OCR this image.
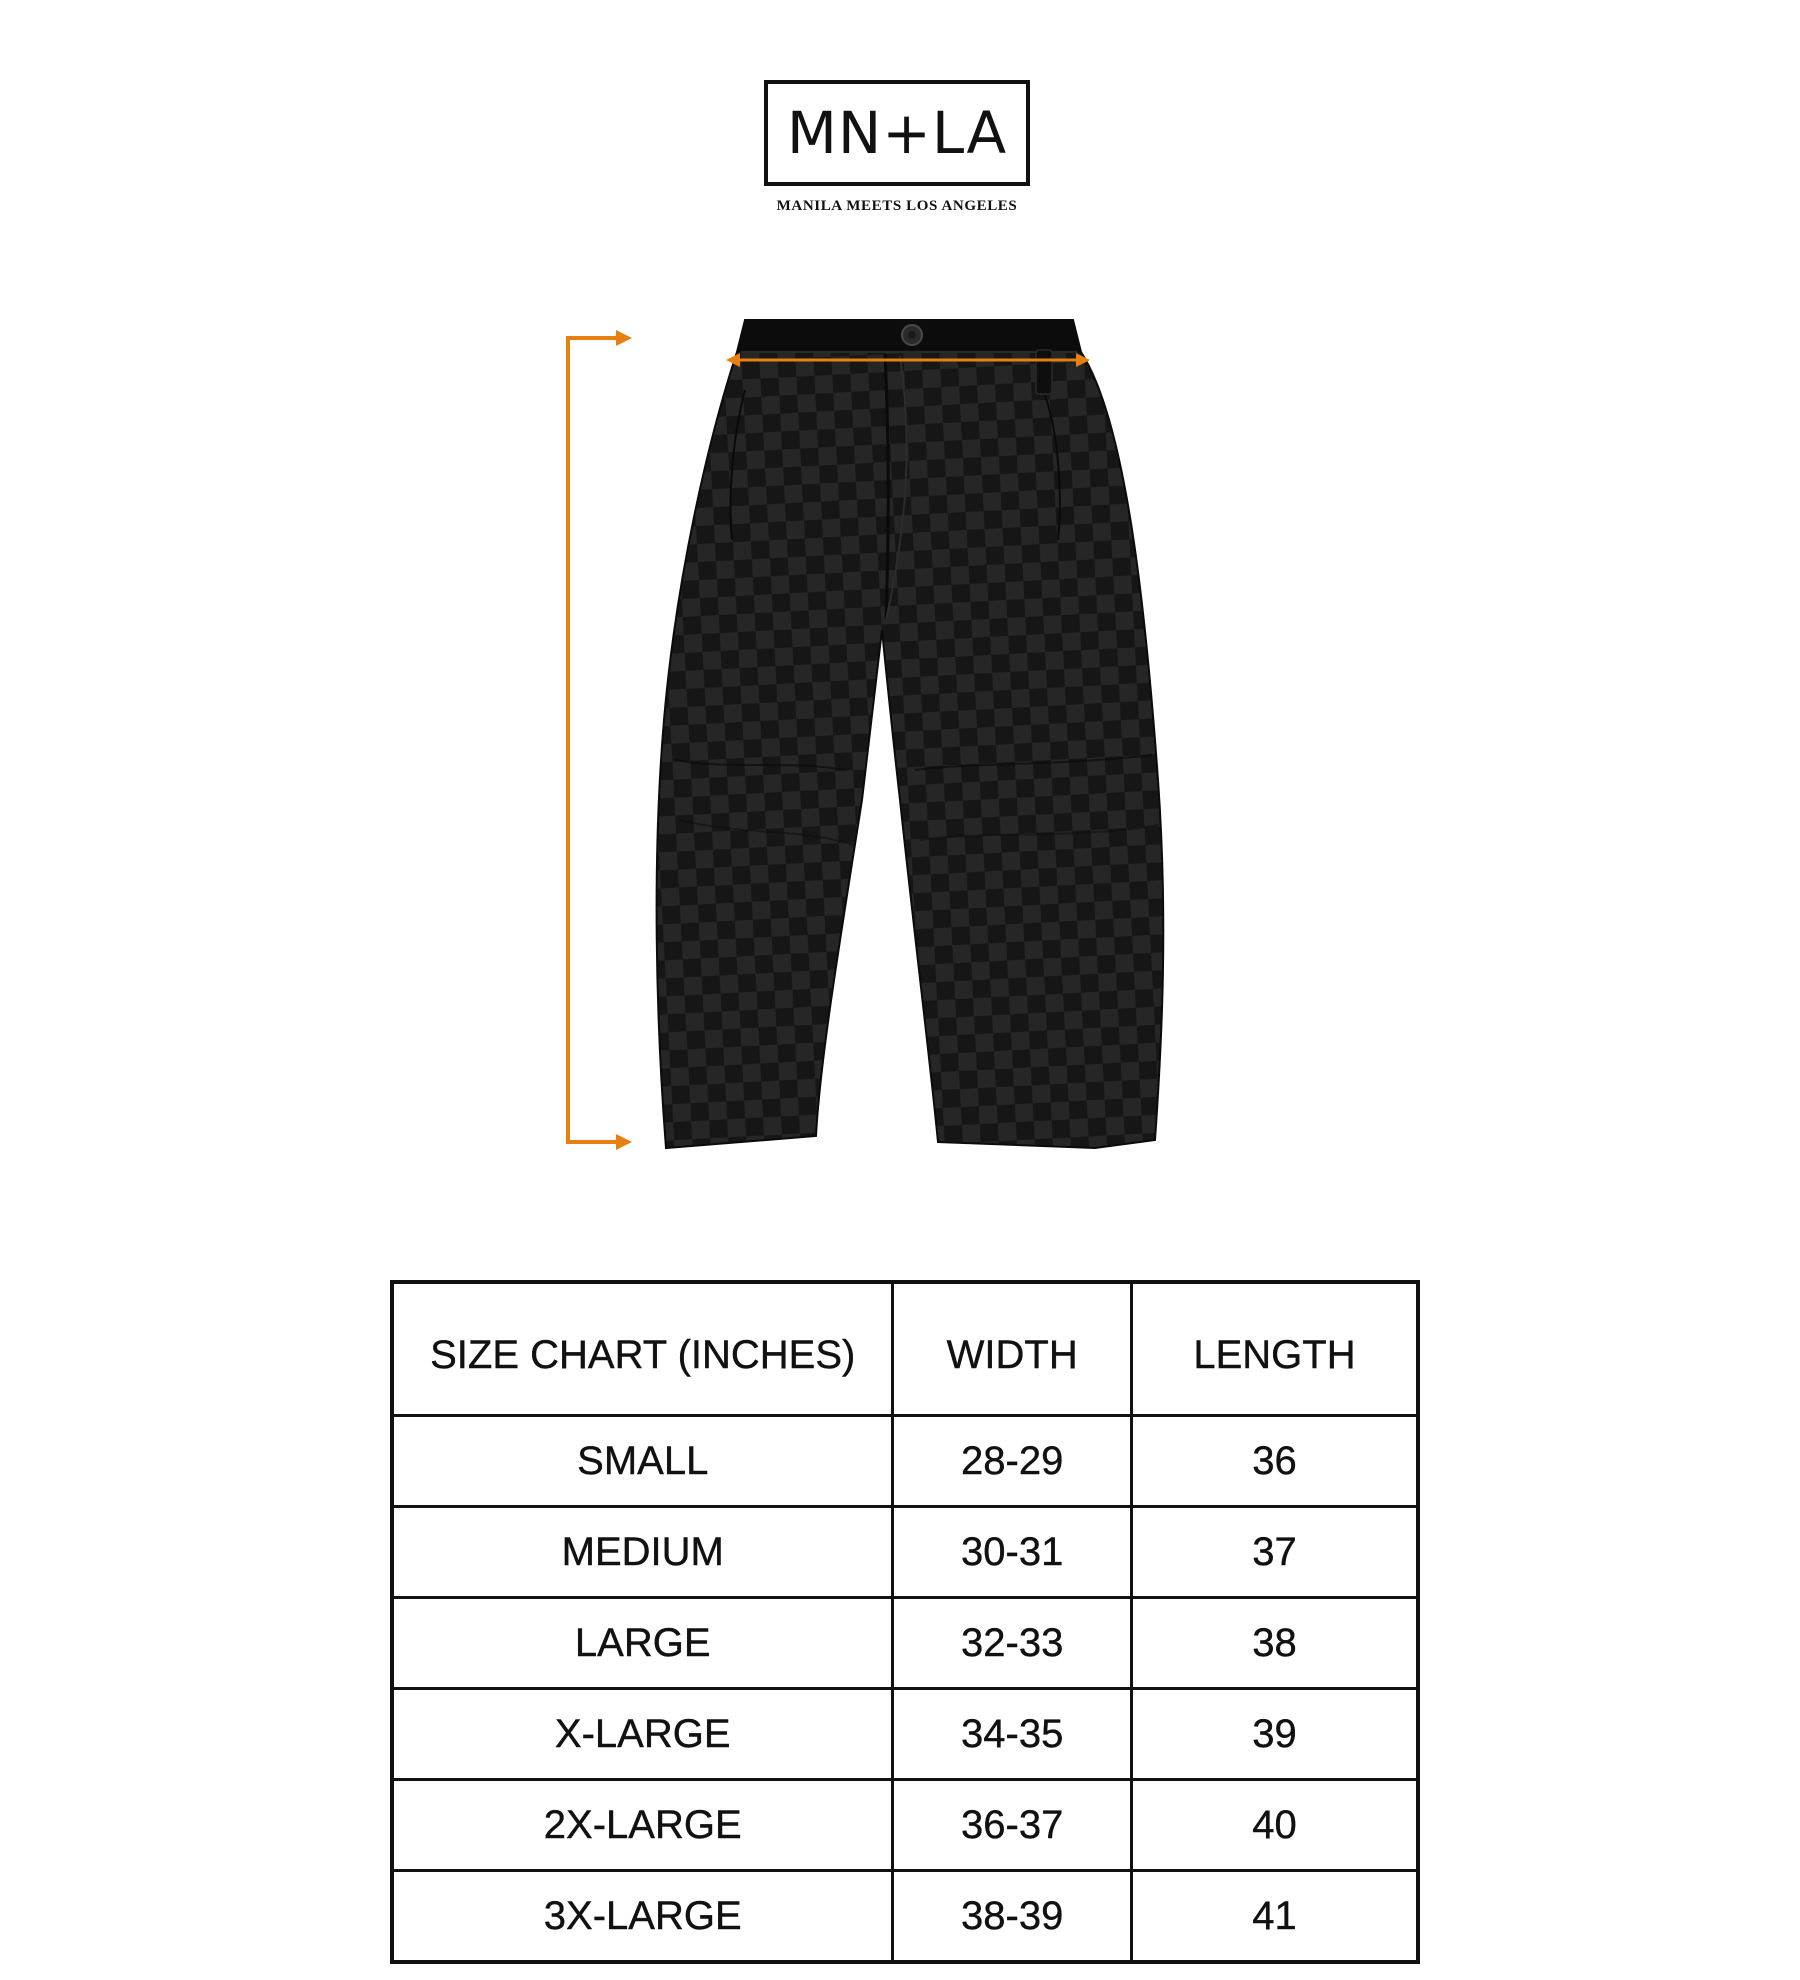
MN+LA
MANILA MEETS LOS ANGELES
SIZE CHART (INCHES)	WIDTH	LENGTH
SMALL	28-29	36
MEDIUM	30-31	37
LARGE	32-33	38
X-LARGE	34-35	39
2X-LARGE	36-37	40
3X-LARGE	38-39	41
